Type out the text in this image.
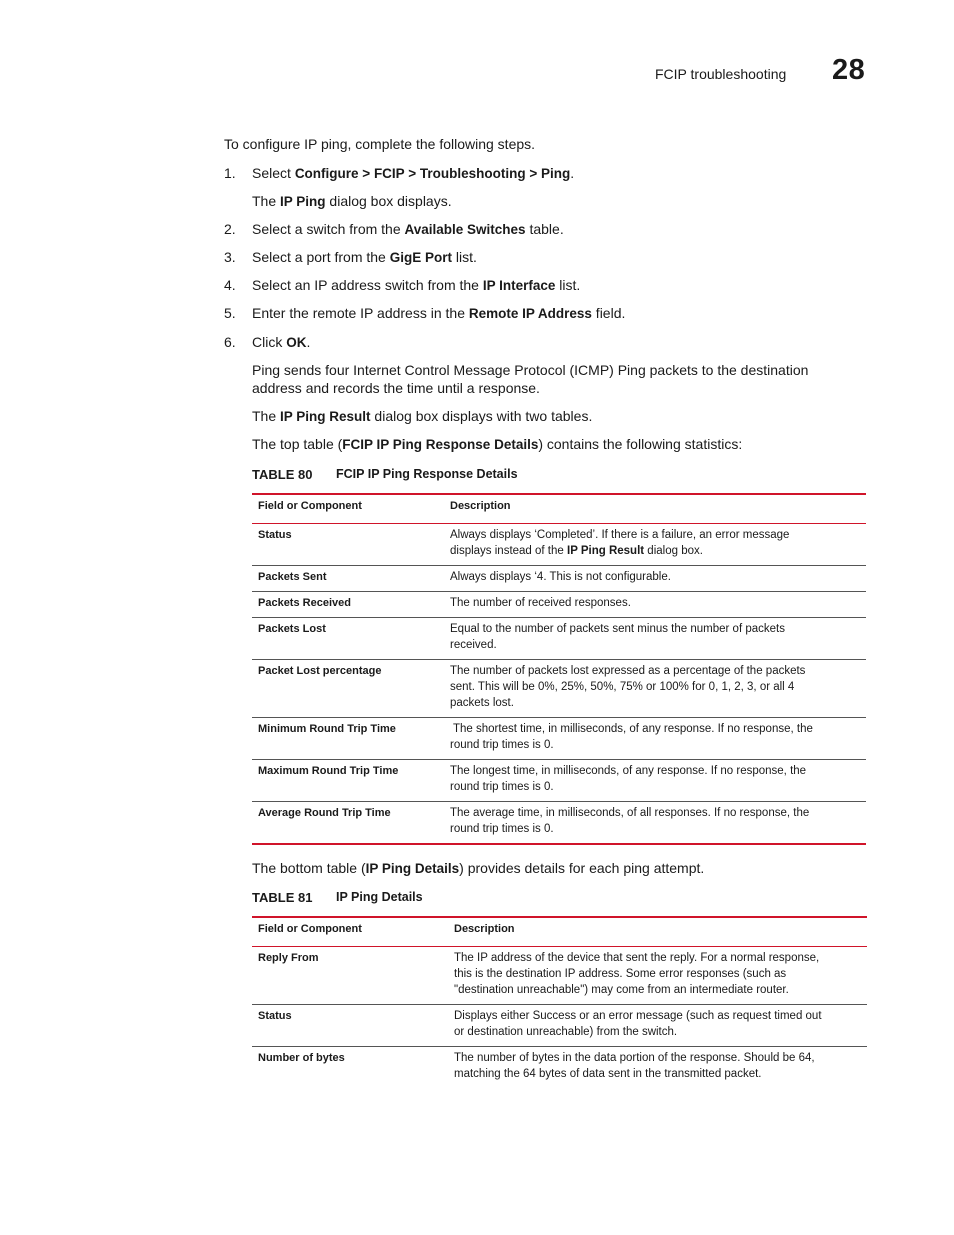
FCIP troubleshooting 28
To configure IP ping, complete the following steps.
1. Select Configure > FCIP > Troubleshooting > Ping.
The IP Ping dialog box displays.
2. Select a switch from the Available Switches table.
3. Select a port from the GigE Port list.
4. Select an IP address switch from the IP Interface list.
5. Enter the remote IP address in the Remote IP Address field.
6. Click OK.
Ping sends four Internet Control Message Protocol (ICMP) Ping packets to the destination
address and records the time until a response.
The IP Ping Result dialog box displays with two tables.
The top table (FCIP IP Ping Response Details) contains the following statistics:
TABLE 80 FCIP IP Ping Response Details
Field or Component	Description
Status	Always displays ‘Completed’. If there is a failure, an error message
displays instead of the IP Ping Result dialog box.

Packets Sent	Always displays ‘4. This is not configurable.

Packets Received	The number of received responses.

Packets Lost	Equal to the number of packets sent minus the number of packets
received.

Packet Lost percentage	The number of packets lost expressed as a percentage of the packets
sent. This will be 0%, 25%, 50%, 75% or 100% for 0, 1, 2, 3, or all 4
packets lost.

Minimum Round Trip Time	The shortest time, in milliseconds, of any response. If no response, the
round trip times is 0.

Maximum Round Trip Time	The longest time, in milliseconds, of any response. If no response, the
round trip times is 0.

Average Round Trip Time	The average time, in milliseconds, of all responses. If no response, the
round trip times is 0.
The bottom table (IP Ping Details) provides details for each ping attempt.
TABLE 81 IP Ping Details
Field or Component	Description
Reply From	The IP address of the device that sent the reply. For a normal response,
this is the destination IP address. Some error responses (such as
"destination unreachable") may come from an intermediate router.

Status	Displays either Success or an error message (such as request timed out
or destination unreachable) from the switch.

Number of bytes	The number of bytes in the data portion of the response. Should be 64,
matching the 64 bytes of data sent in the transmitted packet.
